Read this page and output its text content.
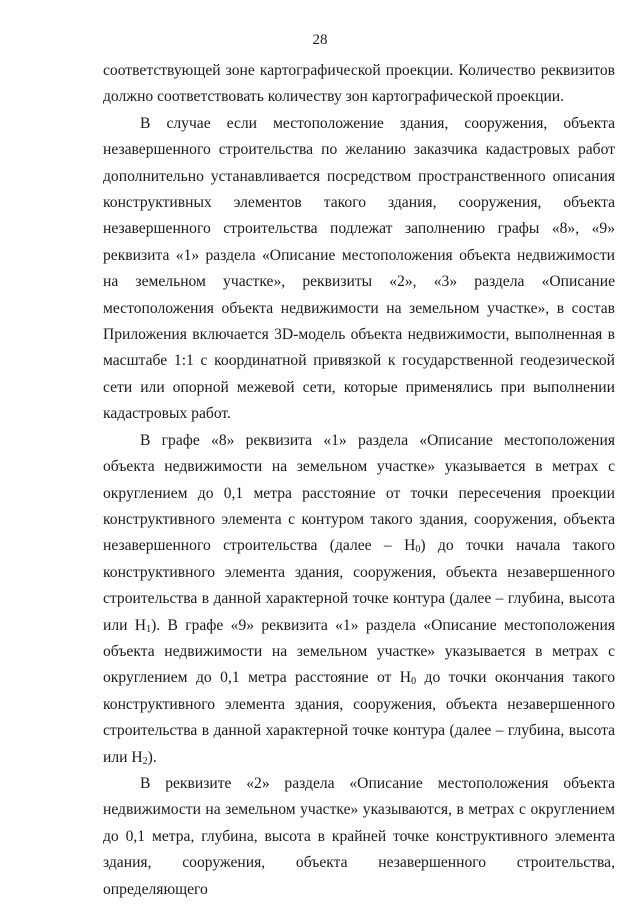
28

соответствующей зоне картографической проекции. Количество реквизитов должно соответствовать количеству зон картографической проекции.

В случае если местоположение здания, сооружения, объекта незавершенного строительства по желанию заказчика кадастровых работ дополнительно устанавливается посредством пространственного описания конструктивных элементов такого здания, сооружения, объекта незавершенного строительства подлежат заполнению графы «8», «9» реквизита «1» раздела «Описание местоположения объекта недвижимости на земельном участке», реквизиты «2», «3» раздела «Описание местоположения объекта недвижимости на земельном участке», в состав Приложения включается 3D-модель объекта недвижимости, выполненная в масштабе 1:1 с координатной привязкой к государственной геодезической сети или опорной межевой сети, которые применялись при выполнении кадастровых работ.

В графе «8» реквизита «1» раздела «Описание местоположения объекта недвижимости на земельном участке» указывается в метрах с округлением до 0,1 метра расстояние от точки пересечения проекции конструктивного элемента с контуром такого здания, сооружения, объекта незавершенного строительства (далее – $Н_0$) до точки начала такого конструктивного элемента здания, сооружения, объекта незавершенного строительства в данной характерной точке контура (далее – глубина, высота или $Н_1$). В графе «9» реквизита «1» раздела «Описание местоположения объекта недвижимости на земельном участке» указывается в метрах с округлением до 0,1 метра расстояние от $Н_0$ до точки окончания такого конструктивного элемента здания, сооружения, объекта незавершенного строительства в данной характерной точке контура (далее – глубина, высота или $Н_2$).

В реквизите «2» раздела «Описание местоположения объекта недвижимости на земельном участке» указываются, в метрах с округлением до 0,1 метра, глубина, высота в крайней точке конструктивного элемента здания, сооружения, объекта незавершенного строительства, определяющего
